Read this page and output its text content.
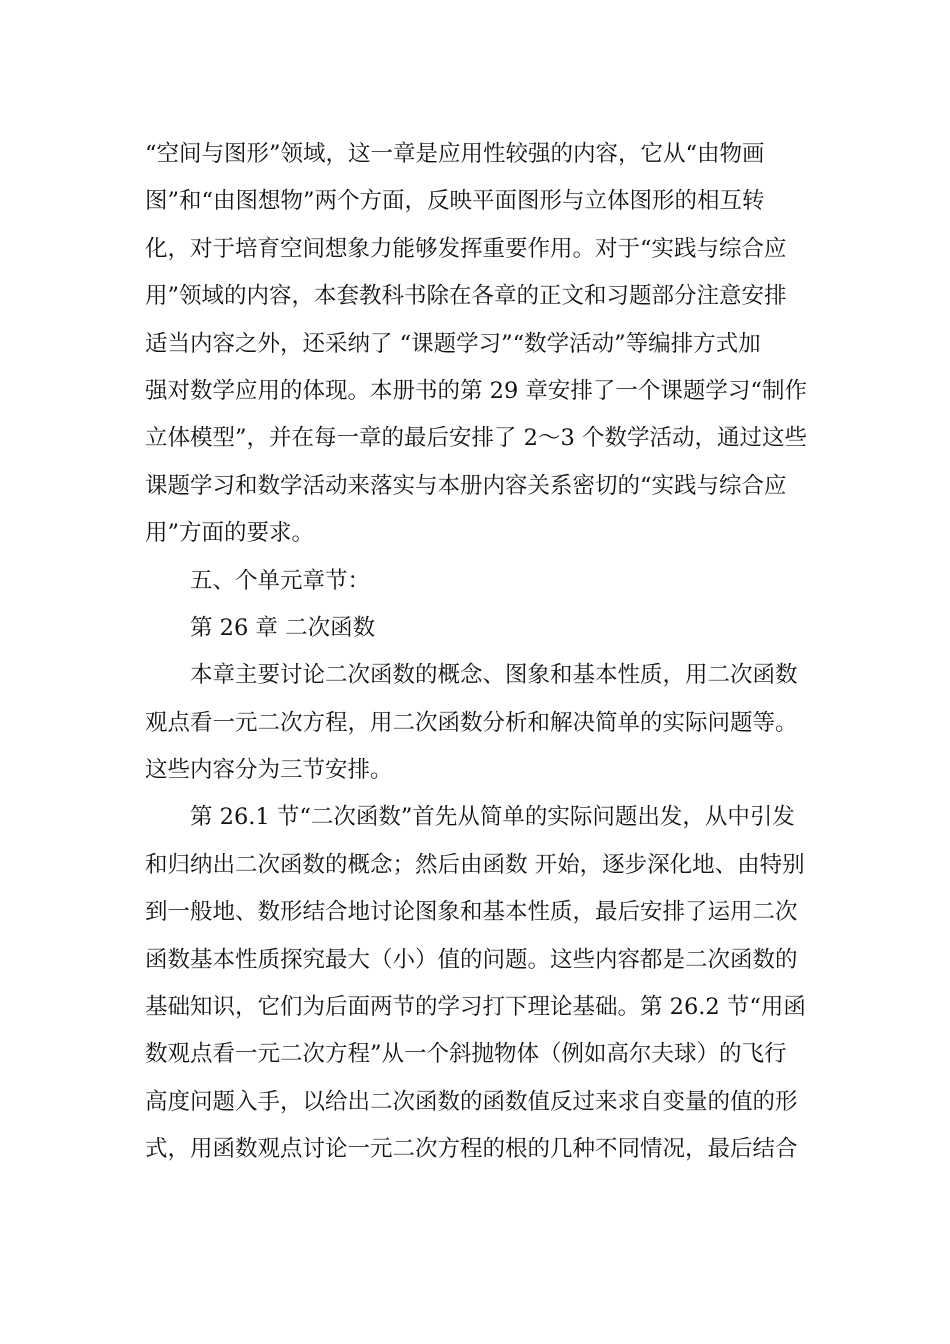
“空间与图形”领域，这一章是应用性较强的内容，它从“由物画
图”和“由图想物”两个方面，反映平面图形与立体图形的相互转
化，对于培育空间想象力能够发挥重要作用。对于“实践与综合应
用”领域的内容，本套教科书除在各章的正文和习题部分注意安排
适当内容之外，还采纳了 “课题学习”“数学活动”等编排方式加
强对数学应用的体现。本册书的第 29 章安排了一个课题学习“制作
立体模型”，并在每一章的最后安排了 2～3 个数学活动，通过这些
课题学习和数学活动来落实与本册内容关系密切的“实践与综合应
用”方面的要求。
五、个单元章节：
第 26 章 二次函数
本章主要讨论二次函数的概念、图象和基本性质，用二次函数
观点看一元二次方程，用二次函数分析和解决简单的实际问题等。
这些内容分为三节安排。
第 26.1 节“二次函数”首先从简单的实际问题出发，从中引发
和归纳出二次函数的概念；然后由函数 开始，逐步深化地、由特别
到一般地、数形结合地讨论图象和基本性质，最后安排了运用二次
函数基本性质探究最大（小）值的问题。这些内容都是二次函数的
基础知识，它们为后面两节的学习打下理论基础。第 26.2 节“用函
数观点看一元二次方程”从一个斜抛物体（例如高尔夫球）的飞行
高度问题入手，以给出二次函数的函数值反过来求自变量的值的形
式，用函数观点讨论一元二次方程的根的几种不同情况，最后结合
